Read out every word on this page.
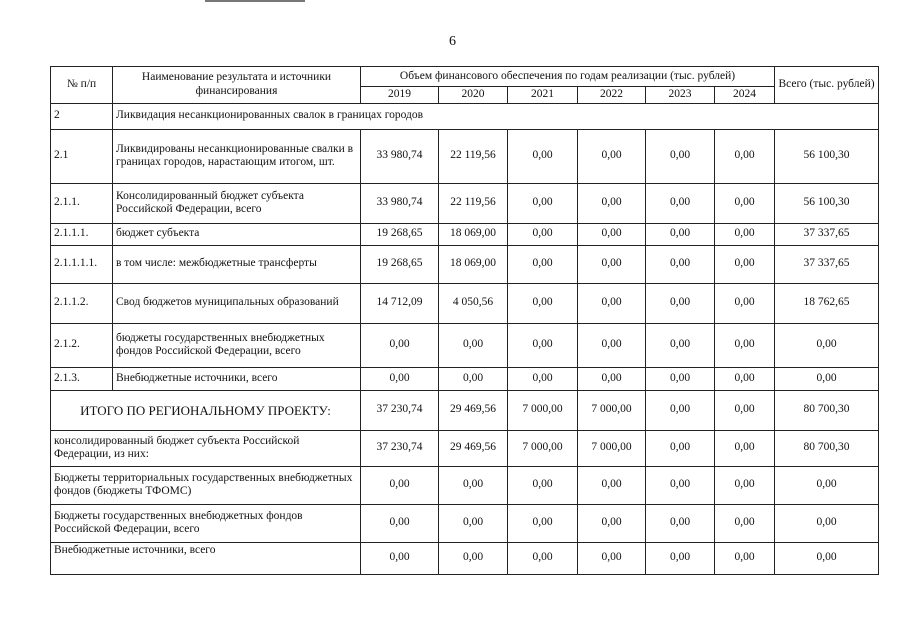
6
№ п/п	Наименование результата и источники финансирования	Объем финансового обеспечения по годам реализации (тыс. рублей)						Всего (тыс. рублей)
		2019	2020	2021	2022	2023	2024	
2	Ликвидация несанкционированных свалок в границах городов							
2.1	Ликвидированы несанкционированные свалки в границах городов, нарастающим итогом, шт.	33 980,74	22 119,56	0,00	0,00	0,00	0,00	56 100,30
2.1.1.	Консолидированный бюджет субъекта Российской Федерации, всего	33 980,74	22 119,56	0,00	0,00	0,00	0,00	56 100,30
2.1.1.1.	бюджет субъекта	19 268,65	18 069,00	0,00	0,00	0,00	0,00	37 337,65
2.1.1.1.1.	в том числе: межбюджетные трансферты	19 268,65	18 069,00	0,00	0,00	0,00	0,00	37 337,65
2.1.1.2.	Свод бюджетов муниципальных образований	14 712,09	4 050,56	0,00	0,00	0,00	0,00	18 762,65
2.1.2.	бюджеты государственных внебюджетных фондов Российской Федерации, всего	0,00	0,00	0,00	0,00	0,00	0,00	0,00
2.1.3.	Внебюджетные источники, всего	0,00	0,00	0,00	0,00	0,00	0,00	0,00
ИТОГО ПО РЕГИОНАЛЬНОМУ ПРОЕКТУ:		37 230,74	29 469,56	7 000,00	7 000,00	0,00	0,00	80 700,30
консолидированный бюджет субъекта Российской Федерации, из них:		37 230,74	29 469,56	7 000,00	7 000,00	0,00	0,00	80 700,30
Бюджеты территориальных государственных внебюджетных фондов (бюджеты ТФОМС)		0,00	0,00	0,00	0,00	0,00	0,00	0,00
Бюджеты государственных внебюджетных фондов Российской Федерации, всего		0,00	0,00	0,00	0,00	0,00	0,00	0,00
Внебюджетные источники, всего		0,00	0,00	0,00	0,00	0,00	0,00	0,00
